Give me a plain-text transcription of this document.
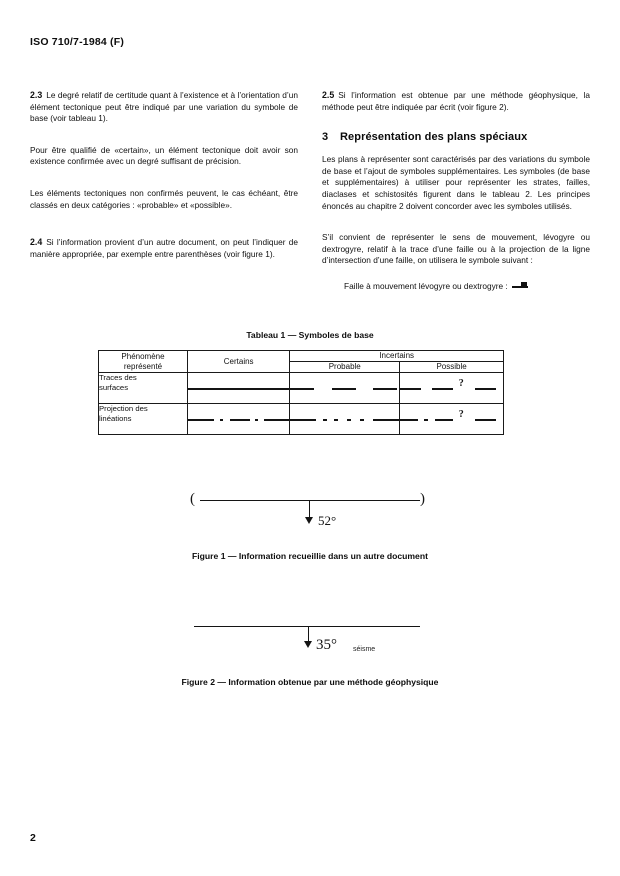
ISO 710/7-1984 (F)

2.3 Le degré relatif de certitude quant à l’existence et à l’orientation d’un élément tectonique peut être indiqué par une variation du symbole de base (voir tableau 1).

Pour être qualifié de «certain», un élément tectonique doit avoir son existence confirmée avec un degré suffisant de précision.

Les éléments tectoniques non confirmés peuvent, le cas échéant, être classés en deux catégories : «probable» et «possible».

2.4 Si l’information provient d’un autre document, on peut l’indiquer de manière appropriée, par exemple entre parenthèses (voir figure 1).

2.5 Si l’information est obtenue par une méthode géophysique, la méthode peut être indiquée par écrit (voir figure 2).

3 Représentation des plans spéciaux

Les plans à représenter sont caractérisés par des variations du symbole de base et l’ajout de symboles supplémentaires. Les symboles (de base et supplémentaires) à utiliser pour représenter les strates, failles, diaclases et schistosités figurent dans le tableau 2. Les principes énoncés au chapitre 2 doivent concorder avec les symboles utilisés.

S’il convient de représenter le sens de mouvement, lévogyre ou dextrogyre, relatif à la trace d’une faille ou à la projection de la ligne d’intersection d’une faille, on utilisera le symbole suivant :

Faille à mouvement lévogyre ou dextrogyre :
Tableau 1 — Symboles de base
Phénomène
représenté	Certains	Incertains	
		Probable	Possible

Traces des
surfaces			?

Projection des
linéations			?
(	)
52°
Figure 1 — Information recueillie dans un autre document
35° séisme
Figure 2 — Information obtenue par une méthode géophysique
2
